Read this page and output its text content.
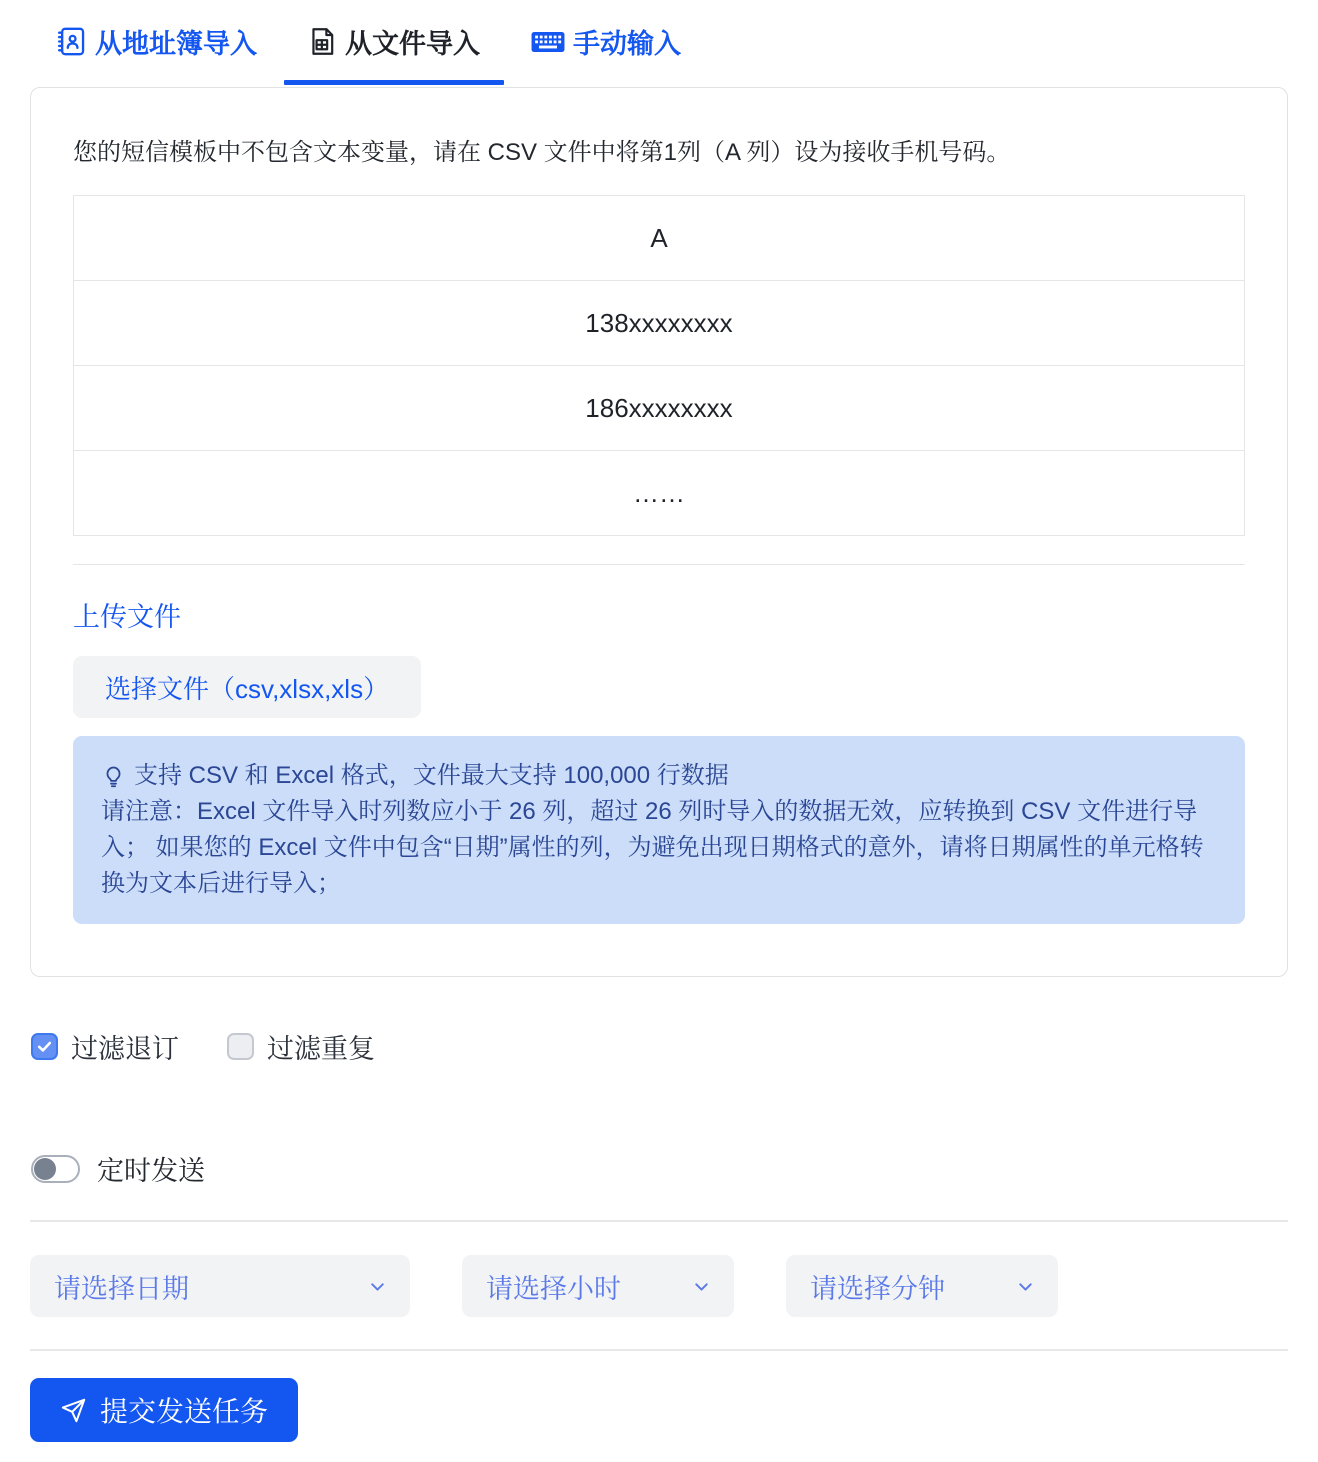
从地址簿导入	从文件导入	手动输入

您的短信模板中不包含文本变量，请在 CSV 文件中将第1列（A 列）设为接收手机号码。

A
138xxxxxxxx
186xxxxxxxx
……
上传文件
选择文件（csv,xlsx,xls）
支持 CSV 和 Excel 格式，文件最大支持 100,000 行数据
请注意：Excel 文件导入时列数应小于 26 列，超过 26 列时导入的数据无效，应转换到 CSV 文件进行导入； 如果您的 Excel 文件中包含“日期”属性的列，为避免出现日期格式的意外，请将日期属性的单元格转换为文本后进行导入；
过滤退订	过滤重复
定时发送
请选择日期	请选择小时	请选择分钟
提交发送任务
